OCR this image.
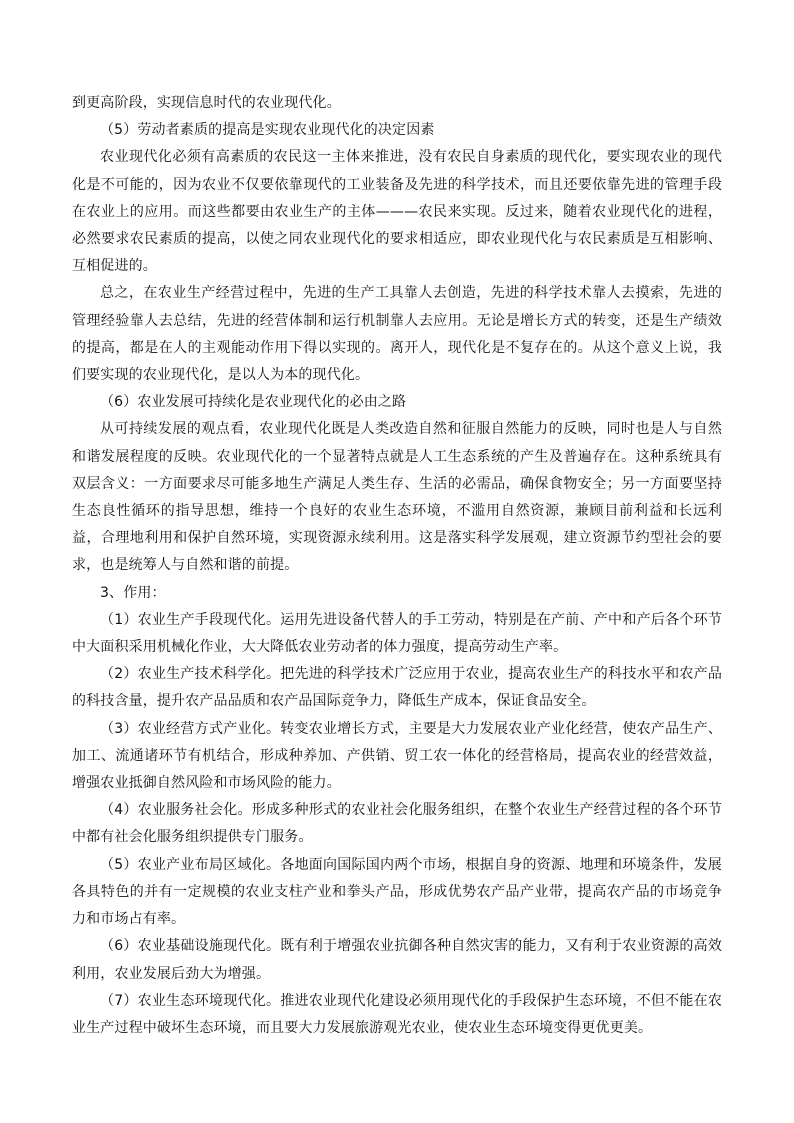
到更高阶段，实现信息时代的农业现代化。

（5）劳动者素质的提高是实现农业现代化的决定因素

农业现代化必须有高素质的农民这一主体来推进，没有农民自身素质的现代化，要实现农业的现代化是不可能的，因为农业不仅要依靠现代的工业装备及先进的科学技术，而且还要依靠先进的管理手段在农业上的应用。而这些都要由农业生产的主体———农民来实现。反过来，随着农业现代化的进程，必然要求农民素质的提高，以使之同农业现代化的要求相适应，即农业现代化与农民素质是互相影响、互相促进的。

总之，在农业生产经营过程中，先进的生产工具靠人去创造，先进的科学技术靠人去摸索，先进的管理经验靠人去总结，先进的经营体制和运行机制靠人去应用。无论是增长方式的转变，还是生产绩效的提高，都是在人的主观能动作用下得以实现的。离开人，现代化是不复存在的。从这个意义上说，我们要实现的农业现代化，是以人为本的现代化。

（6）农业发展可持续化是农业现代化的必由之路

从可持续发展的观点看，农业现代化既是人类改造自然和征服自然能力的反映，同时也是人与自然和谐发展程度的反映。农业现代化的一个显著特点就是人工生态系统的产生及普遍存在。这种系统具有双层含义：一方面要求尽可能多地生产满足人类生存、生活的必需品，确保食物安全；另一方面要坚持生态良性循环的指导思想，维持一个良好的农业生态环境，不滥用自然资源，兼顾目前利益和长远利益，合理地利用和保护自然环境，实现资源永续利用。这是落实科学发展观，建立资源节约型社会的要求，也是统筹人与自然和谐的前提。

3、作用：

（1）农业生产手段现代化。运用先进设备代替人的手工劳动，特别是在产前、产中和产后各个环节中大面积采用机械化作业，大大降低农业劳动者的体力强度，提高劳动生产率。

（2）农业生产技术科学化。把先进的科学技术广泛应用于农业，提高农业生产的科技水平和农产品的科技含量，提升农产品品质和农产品国际竞争力，降低生产成本，保证食品安全。

（3）农业经营方式产业化。转变农业增长方式，主要是大力发展农业产业化经营，使农产品生产、加工、流通诸环节有机结合，形成种养加、产供销、贸工农一体化的经营格局，提高农业的经营效益，增强农业抵御自然风险和市场风险的能力。

（4）农业服务社会化。形成多种形式的农业社会化服务组织，在整个农业生产经营过程的各个环节中都有社会化服务组织提供专门服务。

（5）农业产业布局区域化。各地面向国际国内两个市场，根据自身的资源、地理和环境条件，发展各具特色的并有一定规模的农业支柱产业和拳头产品，形成优势农产品产业带，提高农产品的市场竞争力和市场占有率。

（6）农业基础设施现代化。既有利于增强农业抗御各种自然灾害的能力，又有利于农业资源的高效利用，农业发展后劲大为增强。

（7）农业生态环境现代化。推进农业现代化建设必须用现代化的手段保护生态环境，不但不能在农业生产过程中破坏生态环境，而且要大力发展旅游观光农业，使农业生态环境变得更优更美。
